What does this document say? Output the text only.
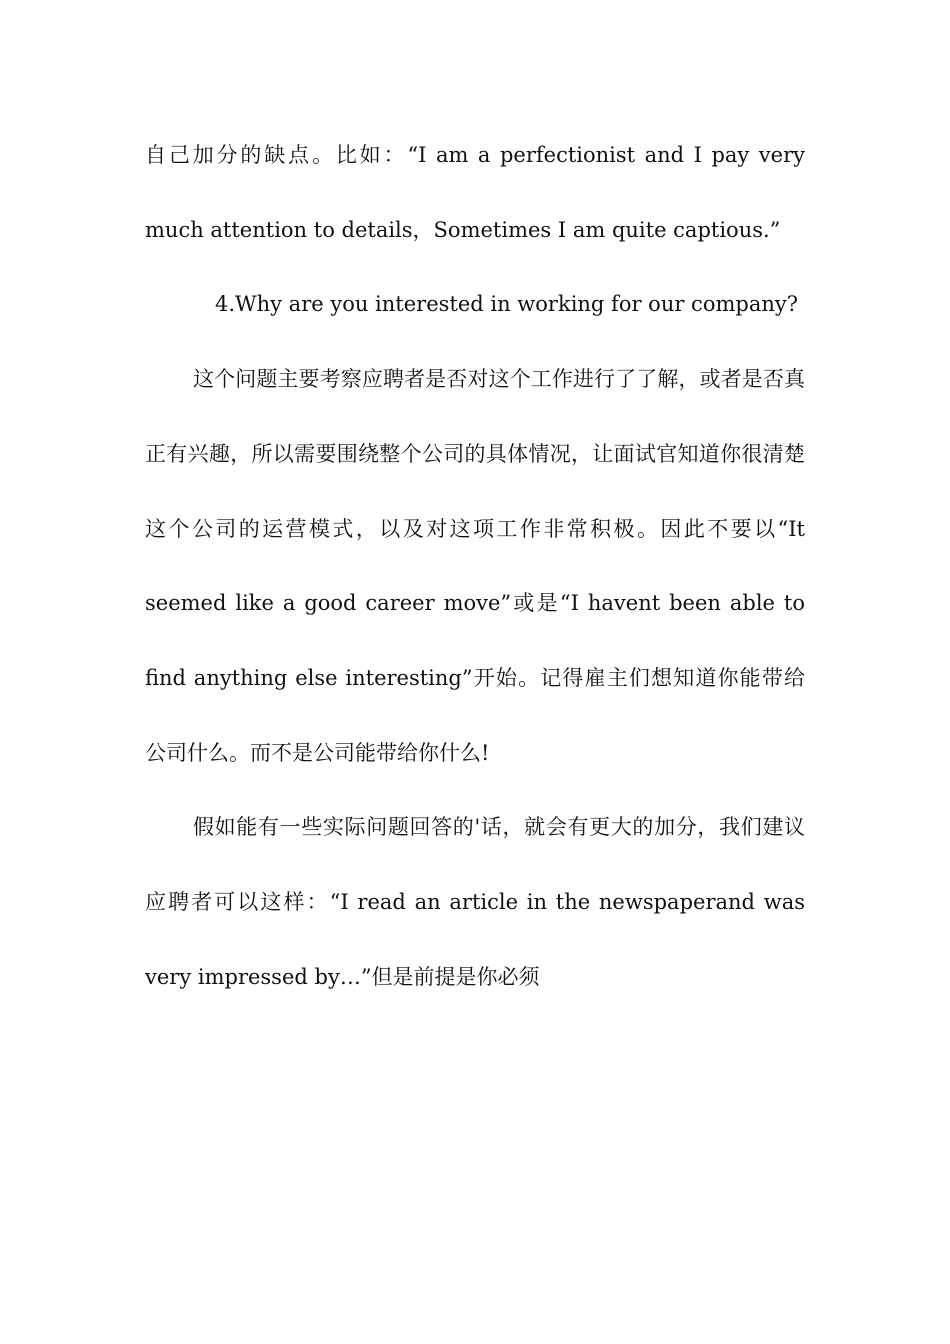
自己加分的缺点。比如：“I am a perfectionist and I pay very much attention to details，Sometimes I am quite captious.”

4.Why are you interested in working for our company?

这个问题主要考察应聘者是否对这个工作进行了了解，或者是否真正有兴趣，所以需要围绕整个公司的具体情况，让面试官知道你很清楚这个公司的运营模式，以及对这项工作非常积极。因此不要以“It seemed like a good career move”或是“I havent been able to find anything else interesting”开始。记得雇主们想知道你能带给公司什么。而不是公司能带给你什么!

假如能有一些实际问题回答的'话，就会有更大的加分，我们建议应聘者可以这样：“I read an article in the newspaperand was very impressed by…”但是前提是你必须
